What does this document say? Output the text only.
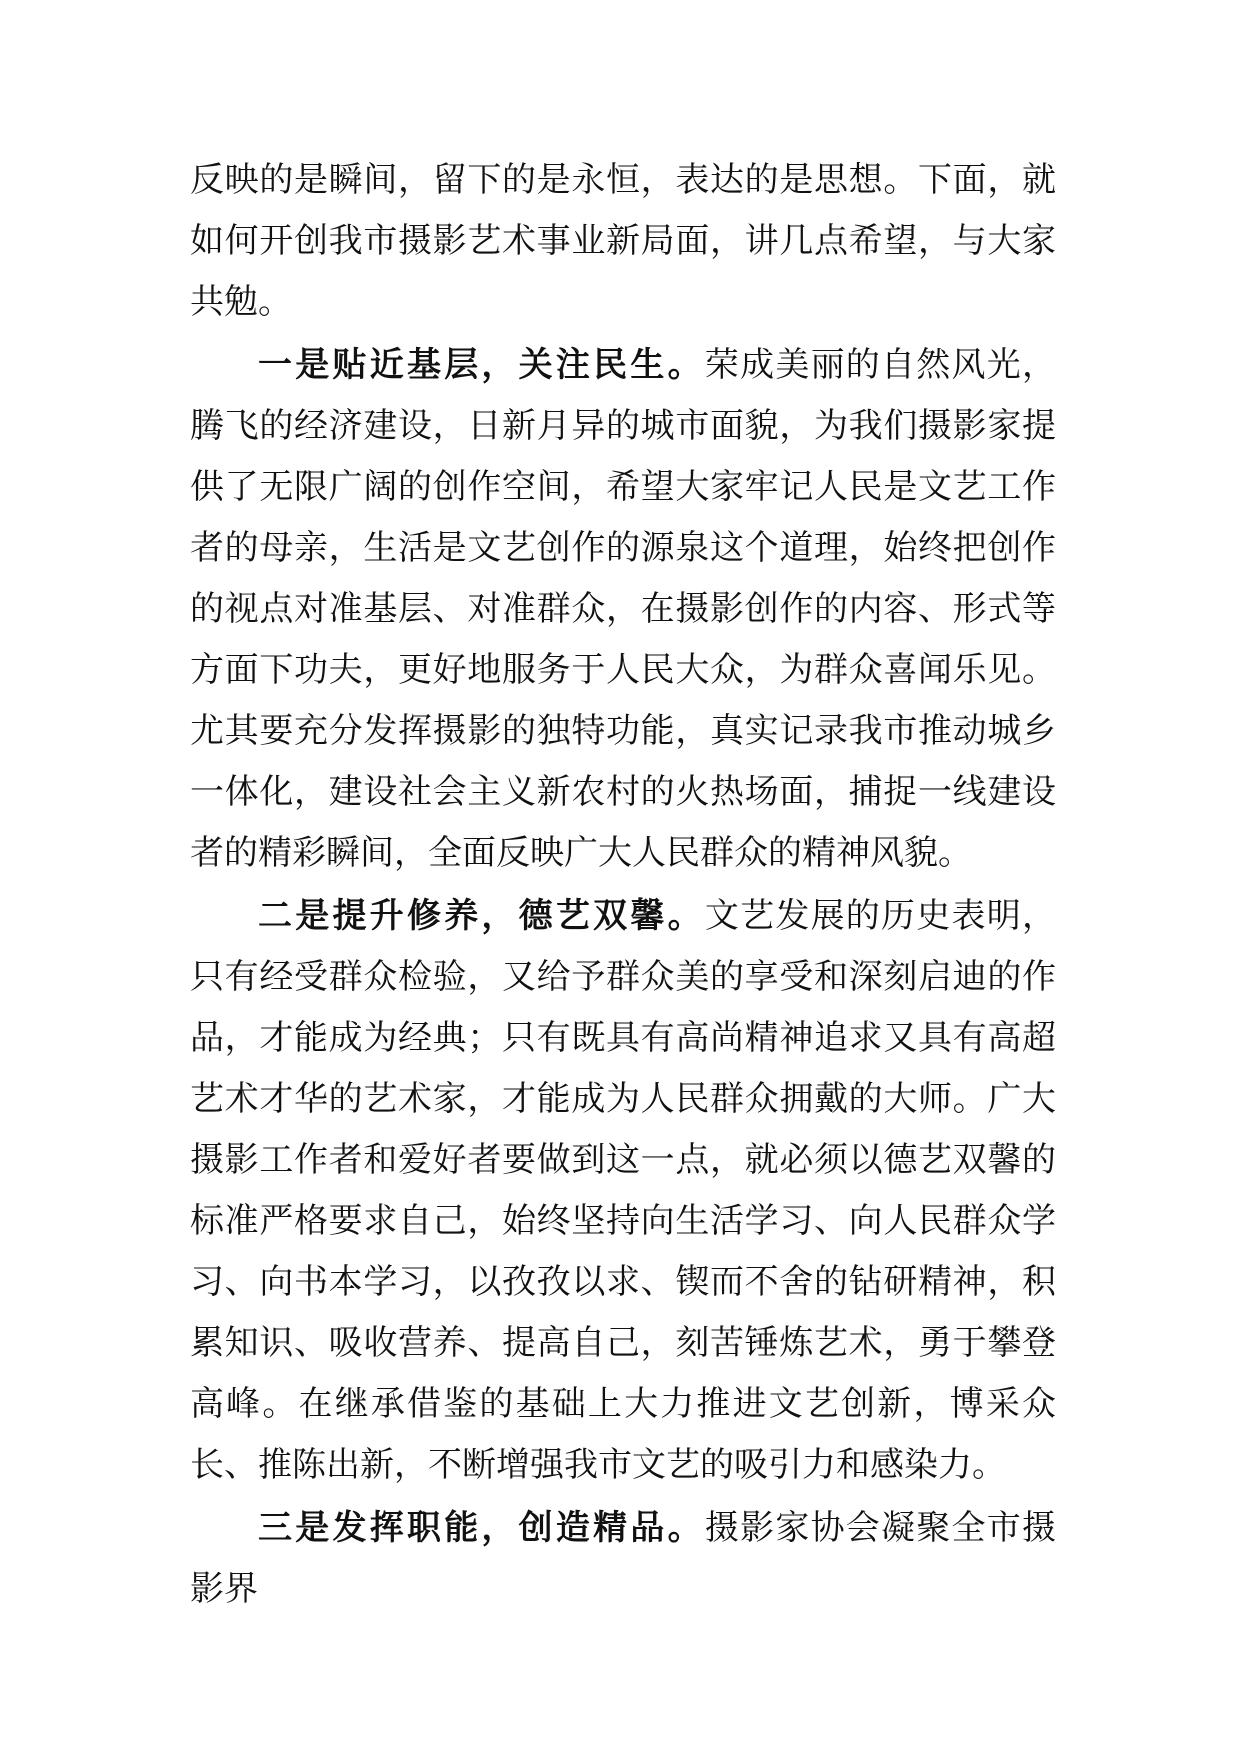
反映的是瞬间，留下的是永恒，表达的是思想。下面，就如何开创我市摄影艺术事业新局面，讲几点希望，与大家共勉。

一是贴近基层，关注民生。荣成美丽的自然风光，腾飞的经济建设，日新月异的城市面貌，为我们摄影家提供了无限广阔的创作空间，希望大家牢记人民是文艺工作者的母亲，生活是文艺创作的源泉这个道理，始终把创作的视点对准基层、对准群众，在摄影创作的内容、形式等方面下功夫，更好地服务于人民大众，为群众喜闻乐见。尤其要充分发挥摄影的独特功能，真实记录我市推动城乡一体化，建设社会主义新农村的火热场面，捕捉一线建设者的精彩瞬间，全面反映广大人民群众的精神风貌。

二是提升修养，德艺双馨。文艺发展的历史表明，只有经受群众检验，又给予群众美的享受和深刻启迪的作品，才能成为经典；只有既具有高尚精神追求又具有高超艺术才华的艺术家，才能成为人民群众拥戴的大师。广大摄影工作者和爱好者要做到这一点，就必须以德艺双馨的标准严格要求自己，始终坚持向生活学习、向人民群众学习、向书本学习，以孜孜以求、锲而不舍的钻研精神，积累知识、吸收营养、提高自己，刻苦锤炼艺术，勇于攀登高峰。在继承借鉴的基础上大力推进文艺创新，博采众长、推陈出新，不断增强我市文艺的吸引力和感染力。

三是发挥职能，创造精品。摄影家协会凝聚全市摄影界
